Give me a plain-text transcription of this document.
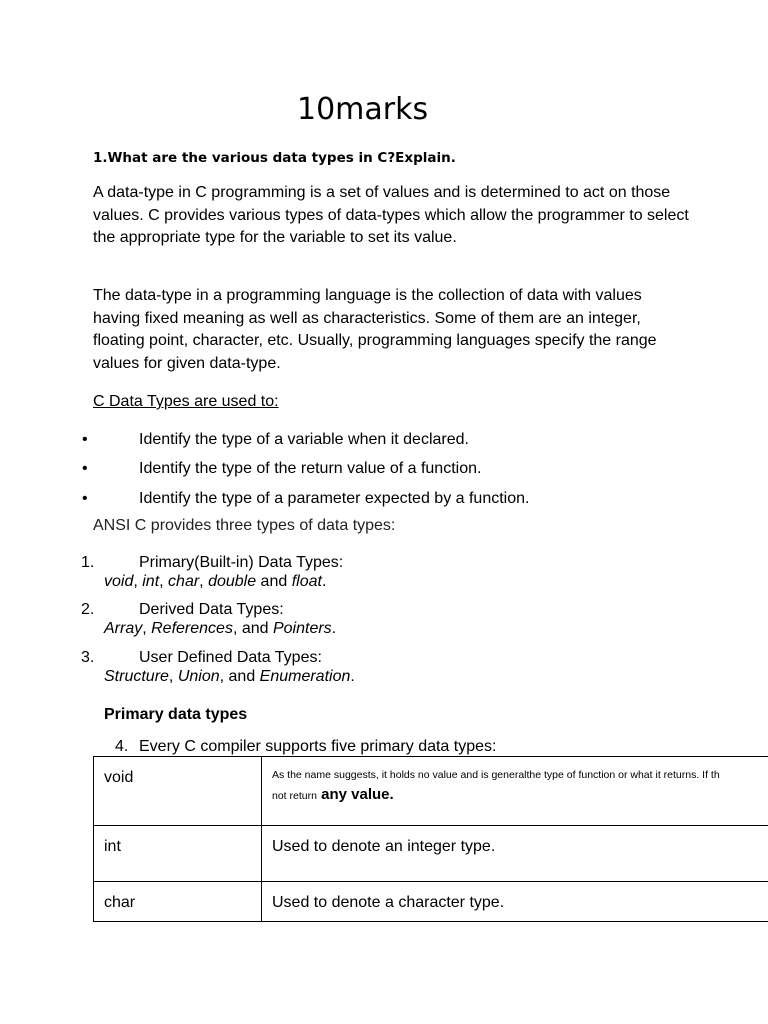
10marks
1.What are the various data types in C?Explain.
A data-type in C programming is a set of values and is determined to act on those values. C provides various types of data-types which allow the programmer to select the appropriate type for the variable to set its value.
The data-type in a programming language is the collection of data with values having fixed meaning as well as characteristics. Some of them are an integer, floating point, character, etc. Usually, programming languages specify the range values for given data-type.
C Data Types are used to:
•	Identify the type of a variable when it declared.
•	Identify the type of the return value of a function.
•	Identify the type of a parameter expected by a function.
ANSI C provides three types of data types:
1.	Primary(Built-in) Data Types:
void, int, char, double and float.
2.	Derived Data Types:
Array, References, and Pointers.
3.	User Defined Data Types:
Structure, Union, and Enumeration.
Primary data types
4. Every C compiler supports five primary data types:
void	As the name suggests, it holds no value and is generalthe type of function or what it returns. If th
not return any value.

int	Used to denote an integer type.

char	Used to denote a character type.
